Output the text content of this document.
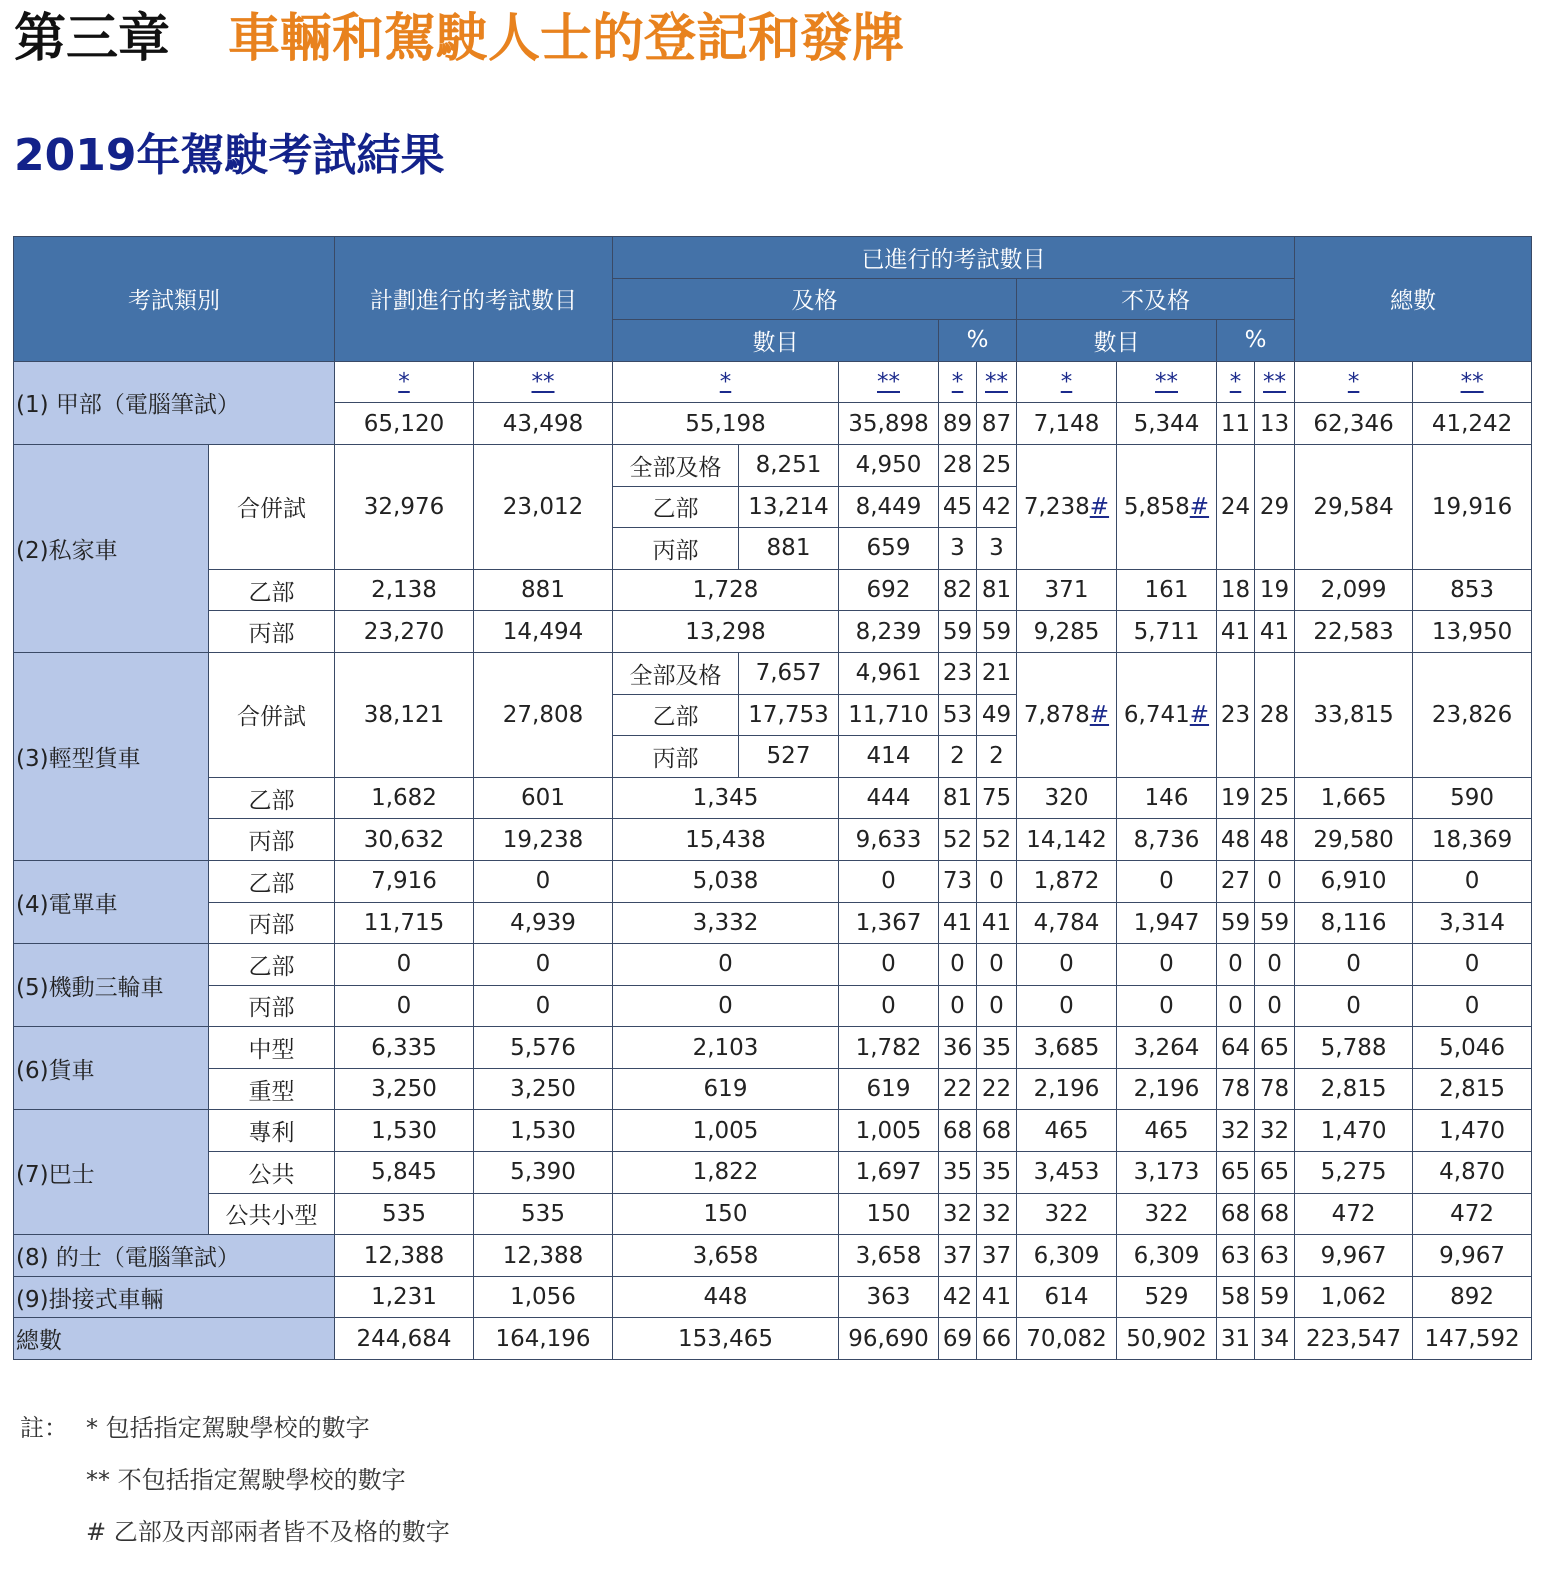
第三章 車輛和駕駛人士的登記和發牌
2019年駕駛考試結果
考試類別		計劃進行的考試數目		已進行的考試數目									總數	
				及格					不及格					
				數目			%		數目		%			
(1) 甲部（電腦筆試）		*	**	*		**	*	**	*	**	*	**	*	**
		65,120	43,498	55,198		35,898	89	87	7,148	5,344	11	13	62,346	41,242
(2)私家車	合併試	32,976	23,012	全部及格	8,251	4,950	28	25	7,238#	5,858#	24	29	29,584	19,916
				乙部	13,214	8,449	45	42						
				丙部	881	659	3	3						
	乙部	2,138	881	1,728		692	82	81	371	161	18	19	2,099	853
	丙部	23,270	14,494	13,298		8,239	59	59	9,285	5,711	41	41	22,583	13,950
(3)輕型貨車	合併試	38,121	27,808	全部及格	7,657	4,961	23	21	7,878#	6,741#	23	28	33,815	23,826
				乙部	17,753	11,710	53	49						
				丙部	527	414	2	2						
	乙部	1,682	601	1,345		444	81	75	320	146	19	25	1,665	590
	丙部	30,632	19,238	15,438		9,633	52	52	14,142	8,736	48	48	29,580	18,369
(4)電單車	乙部	7,916	0	5,038		0	73	0	1,872	0	27	0	6,910	0
	丙部	11,715	4,939	3,332		1,367	41	41	4,784	1,947	59	59	8,116	3,314
(5)機動三輪車	乙部	0	0	0		0	0	0	0	0	0	0	0	0
	丙部	0	0	0		0	0	0	0	0	0	0	0	0
(6)貨車	中型	6,335	5,576	2,103		1,782	36	35	3,685	3,264	64	65	5,788	5,046
	重型	3,250	3,250	619		619	22	22	2,196	2,196	78	78	2,815	2,815
(7)巴士	專利	1,530	1,530	1,005		1,005	68	68	465	465	32	32	1,470	1,470
	公共	5,845	5,390	1,822		1,697	35	35	3,453	3,173	65	65	5,275	4,870
	公共小型	535	535	150		150	32	32	322	322	68	68	472	472
(8) 的士（電腦筆試）		12,388	12,388	3,658		3,658	37	37	6,309	6,309	63	63	9,967	9,967
(9)掛接式車輛		1,231	1,056	448		363	42	41	614	529	58	59	1,062	892
總數		244,684	164,196	153,465		96,690	69	66	70,082	50,902	31	34	223,547	147,592
註： * 包括指定駕駛學校的數字
** 不包括指定駕駛學校的數字
# 乙部及丙部兩者皆不及格的數字
